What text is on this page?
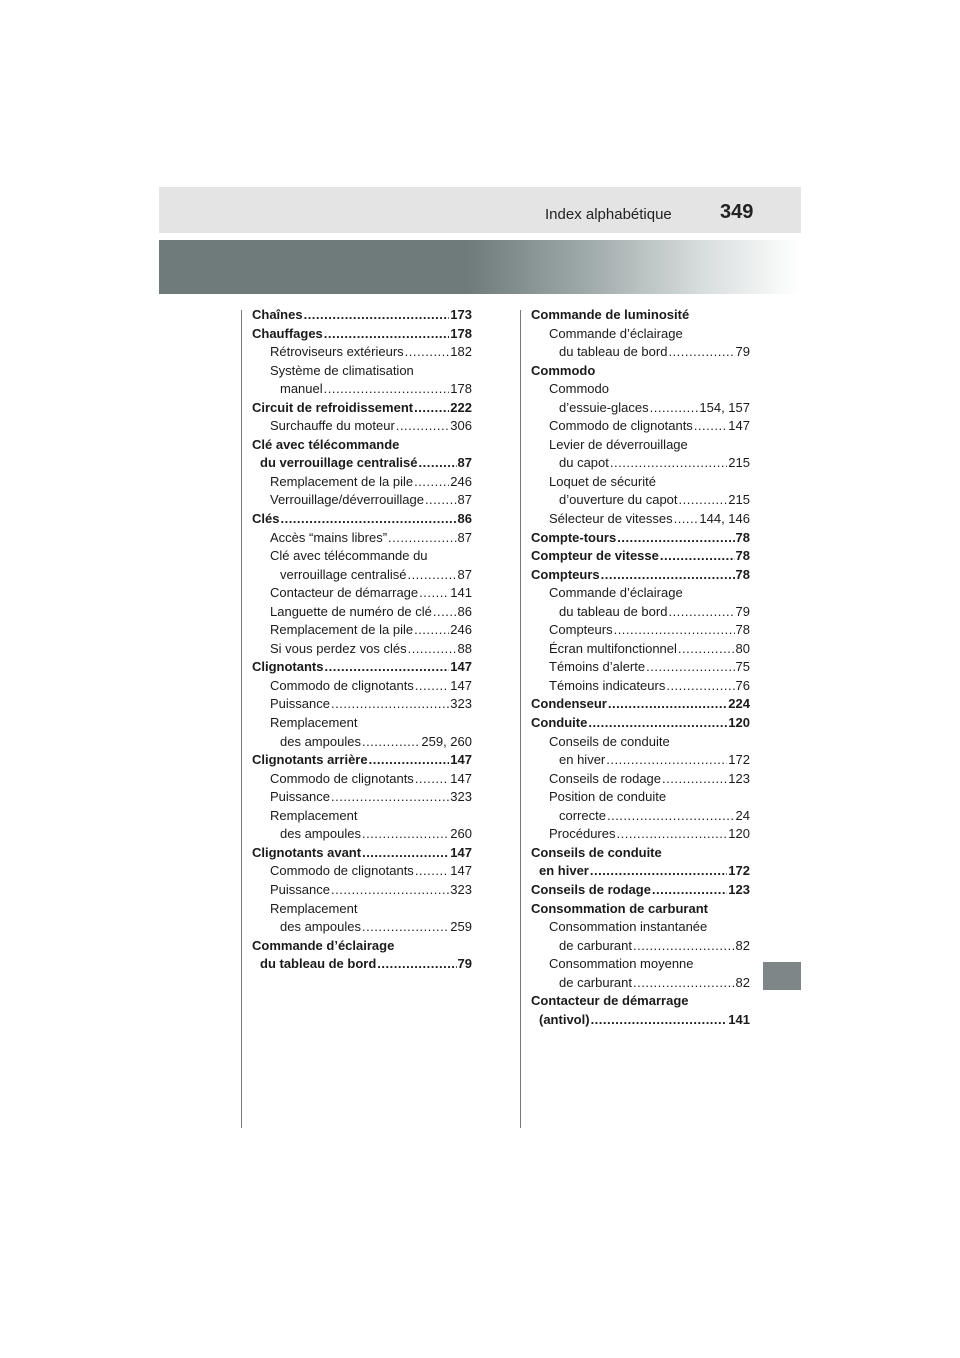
Index alphabétique 349
Chaînes .....	173
Chauffages .....	178
Rétroviseurs extérieurs .....	182
Système de climatisation
manuel .....	178
Circuit de refroidissement .....	222
Surchauffe du moteur .....	306
Clé avec télécommande
du verrouillage centralisé .....	87
Remplacement de la pile .....	246
Verrouillage/déverrouillage .....	87
Clés .....	86
Accès “mains libres” .....	87
Clé avec télécommande du
verrouillage centralisé .....	87
Contacteur de démarrage ..... 141
Languette de numéro de clé ..... 86
Remplacement de la pile .....	246
Si vous perdez vos clés .....	88
Clignotants .....	147
Commodo de clignotants .....	147
Puissance .....	323
Remplacement
des ampoules .....	259, 260
Clignotants arrière .....	147
Commodo de clignotants .....	147
Puissance .....	323
Remplacement
des ampoules .....	260
Clignotants avant .....	147
Commodo de clignotants .....	147
Puissance .....	323
Remplacement
des ampoules .....	259
Commande d’éclairage
du tableau de bord .....	79
Commande de luminosité
Commande d’éclairage
du tableau de bord .....	79
Commodo
Commodo
d’essuie-glaces .....	154, 157
Commodo de clignotants .....	147
Levier de déverrouillage
du capot .....	215
Loquet de sécurité
d’ouverture du capot .....	215
Sélecteur de vitesses ..... 144, 146
Compte-tours .....	78
Compteur de vitesse .....	78
Compteurs .....	78
Commande d’éclairage
du tableau de bord .....	79
Compteurs .....	78
Écran multifonctionnel .....	80
Témoins d’alerte .....	75
Témoins indicateurs .....	76
Condenseur .....	224
Conduite .....	120
Conseils de conduite
en hiver .....	172
Conseils de rodage .....	123
Position de conduite
correcte .....	24
Procédures .....	120
Conseils de conduite
en hiver .....	172
Conseils de rodage .....	123
Consommation de carburant
Consommation instantanée
de carburant .....	82
Consommation moyenne
de carburant .....	82
Contacteur de démarrage
(antivol) .....	141
